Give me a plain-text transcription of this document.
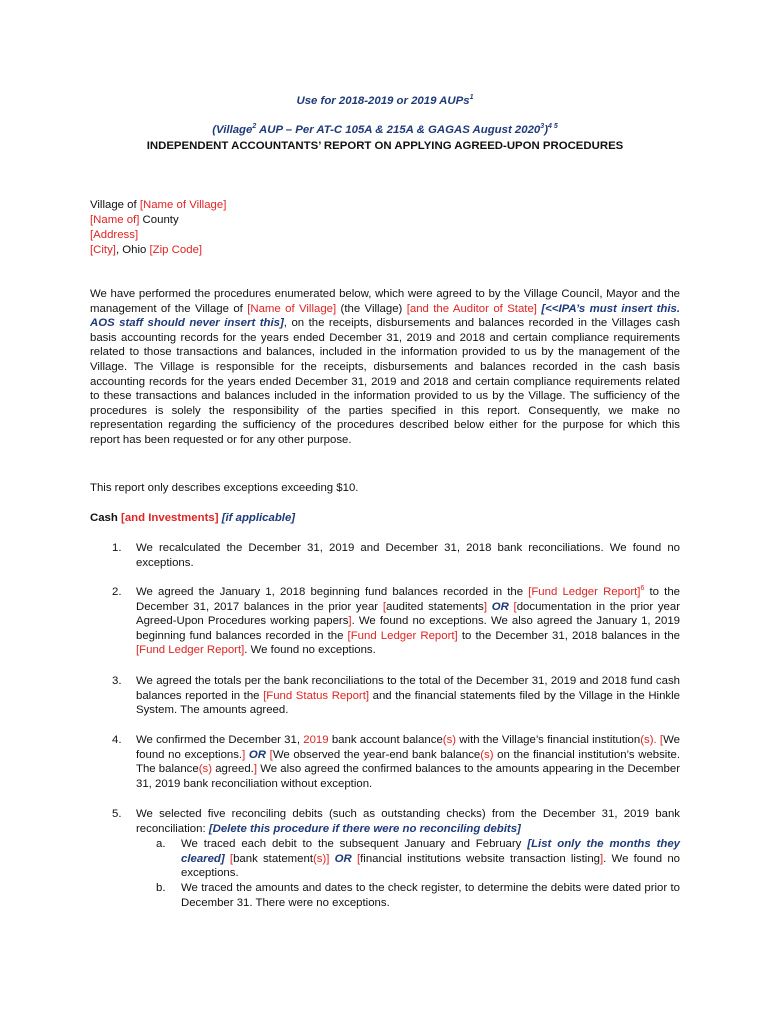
Use for 2018-2019 or 2019 AUPs$^1$
(Village$^2$ AUP – Per AT-C 105A & 215A & GAGAS August 2020$^3$)$^{4 5}$
INDEPENDENT ACCOUNTANTS’ REPORT ON APPLYING AGREED-UPON PROCEDURES
Village of [Name of Village]
[Name of] County
[Address]
[City], Ohio [Zip Code]
We have performed the procedures enumerated below, which were agreed to by the Village Council, Mayor and the management of the Village of [Name of Village] (the Village) [and the Auditor of State] [<<IPA’s must insert this. AOS staff should never insert this], on the receipts, disbursements and balances recorded in the Villages cash basis accounting records for the years ended December 31, 2019 and 2018 and certain compliance requirements related to those transactions and balances, included in the information provided to us by the management of the Village. The Village is responsible for the receipts, disbursements and balances recorded in the cash basis accounting records for the years ended December 31, 2019 and 2018 and certain compliance requirements related to these transactions and balances included in the information provided to us by the Village. The sufficiency of the procedures is solely the responsibility of the parties specified in this report. Consequently, we make no representation regarding the sufficiency of the procedures described below either for the purpose for which this report has been requested or for any other purpose.
This report only describes exceptions exceeding $10.
Cash [and Investments] [if applicable]
1.	We recalculated the December 31, 2019 and December 31, 2018 bank reconciliations. We found no exceptions.
2.	We agreed the January 1, 2018 beginning fund balances recorded in the [Fund Ledger Report]$^6$ to the December 31, 2017 balances in the prior year [audited statements] OR [documentation in the prior year Agreed-Upon Procedures working papers]. We found no exceptions. We also agreed the January 1, 2019 beginning fund balances recorded in the [Fund Ledger Report] to the December 31, 2018 balances in the [Fund Ledger Report]. We found no exceptions.
3.	We agreed the totals per the bank reconciliations to the total of the December 31, 2019 and 2018 fund cash balances reported in the [Fund Status Report] and the financial statements filed by the Village in the Hinkle System. The amounts agreed.
4.	We confirmed the December 31, 2019 bank account balance(s) with the Village’s financial institution(s). [We found no exceptions.] OR [We observed the year-end bank balance(s) on the financial institution’s website. The balance(s) agreed.] We also agreed the confirmed balances to the amounts appearing in the December 31, 2019 bank reconciliation without exception.
5.	We selected five reconciling debits (such as outstanding checks) from the December 31, 2019 bank reconciliation: [Delete this procedure if there were no reconciling debits]
a.	We traced each debit to the subsequent January and February [List only the months they cleared] [bank statement(s)] OR [financial institutions website transaction listing]. We found no exceptions.
b.	We traced the amounts and dates to the check register, to determine the debits were dated prior to December 31. There were no exceptions.
